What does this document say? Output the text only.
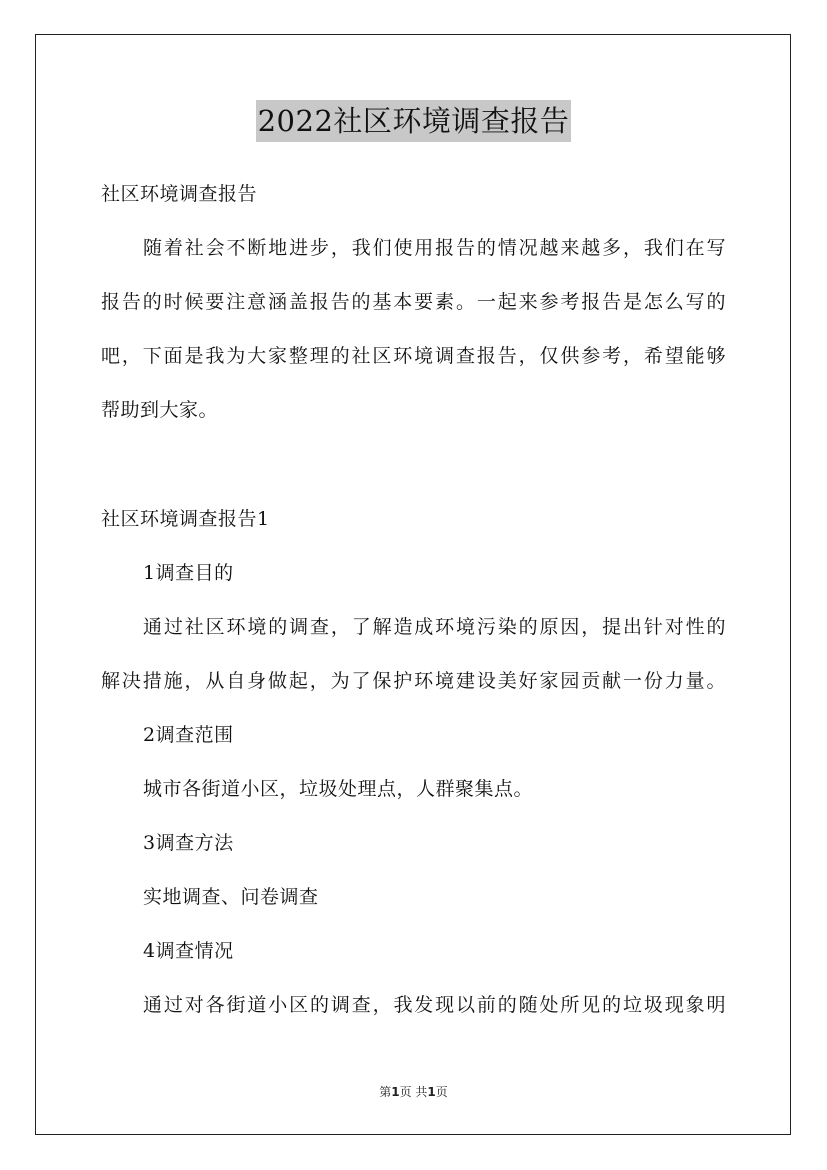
2022社区环境调查报告
社区环境调查报告
随着社会不断地进步，我们使用报告的情况越来越多，我们在写
报告的时候要注意涵盖报告的基本要素。一起来参考报告是怎么写的
吧，下面是我为大家整理的社区环境调查报告，仅供参考，希望能够
帮助到大家。
社区环境调查报告1
1调查目的
通过社区环境的调查，了解造成环境污染的原因，提出针对性的
解决措施，从自身做起，为了保护环境建设美好家园贡献一份力量。
2调查范围
城市各街道小区，垃圾处理点，人群聚集点。
3调查方法
实地调查、问卷调查
4调查情况
通过对各街道小区的调查，我发现以前的随处所见的垃圾现象明
第1页 共1页
